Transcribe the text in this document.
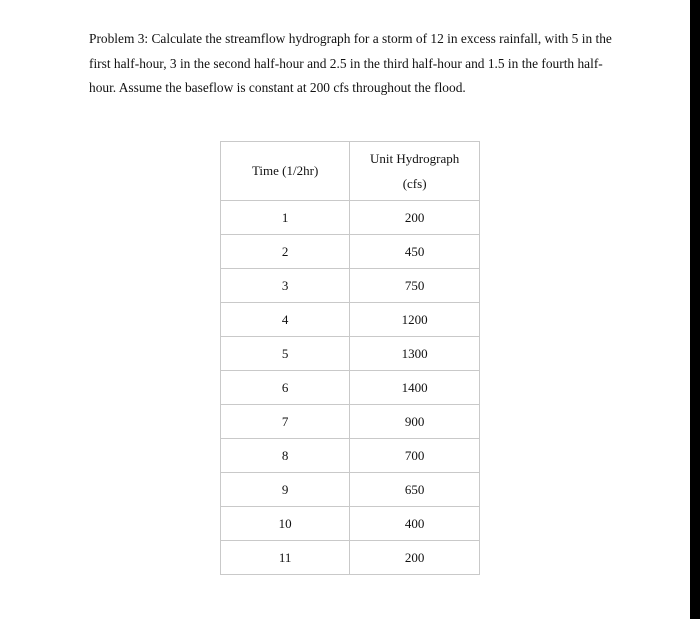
Problem 3: Calculate the streamflow hydrograph for a storm of 12 in excess rainfall, with 5 in the first half-hour, 3 in the second half-hour and 2.5 in the third half-hour and 1.5 in the fourth half-hour. Assume the baseflow is constant at 200 cfs throughout the flood.

Time (1/2hr)	Unit Hydrograph
(cfs)

1	200
2	450
3	750
4	1200
5	1300
6	1400
7	900
8	700
9	650
10	400
11	200
